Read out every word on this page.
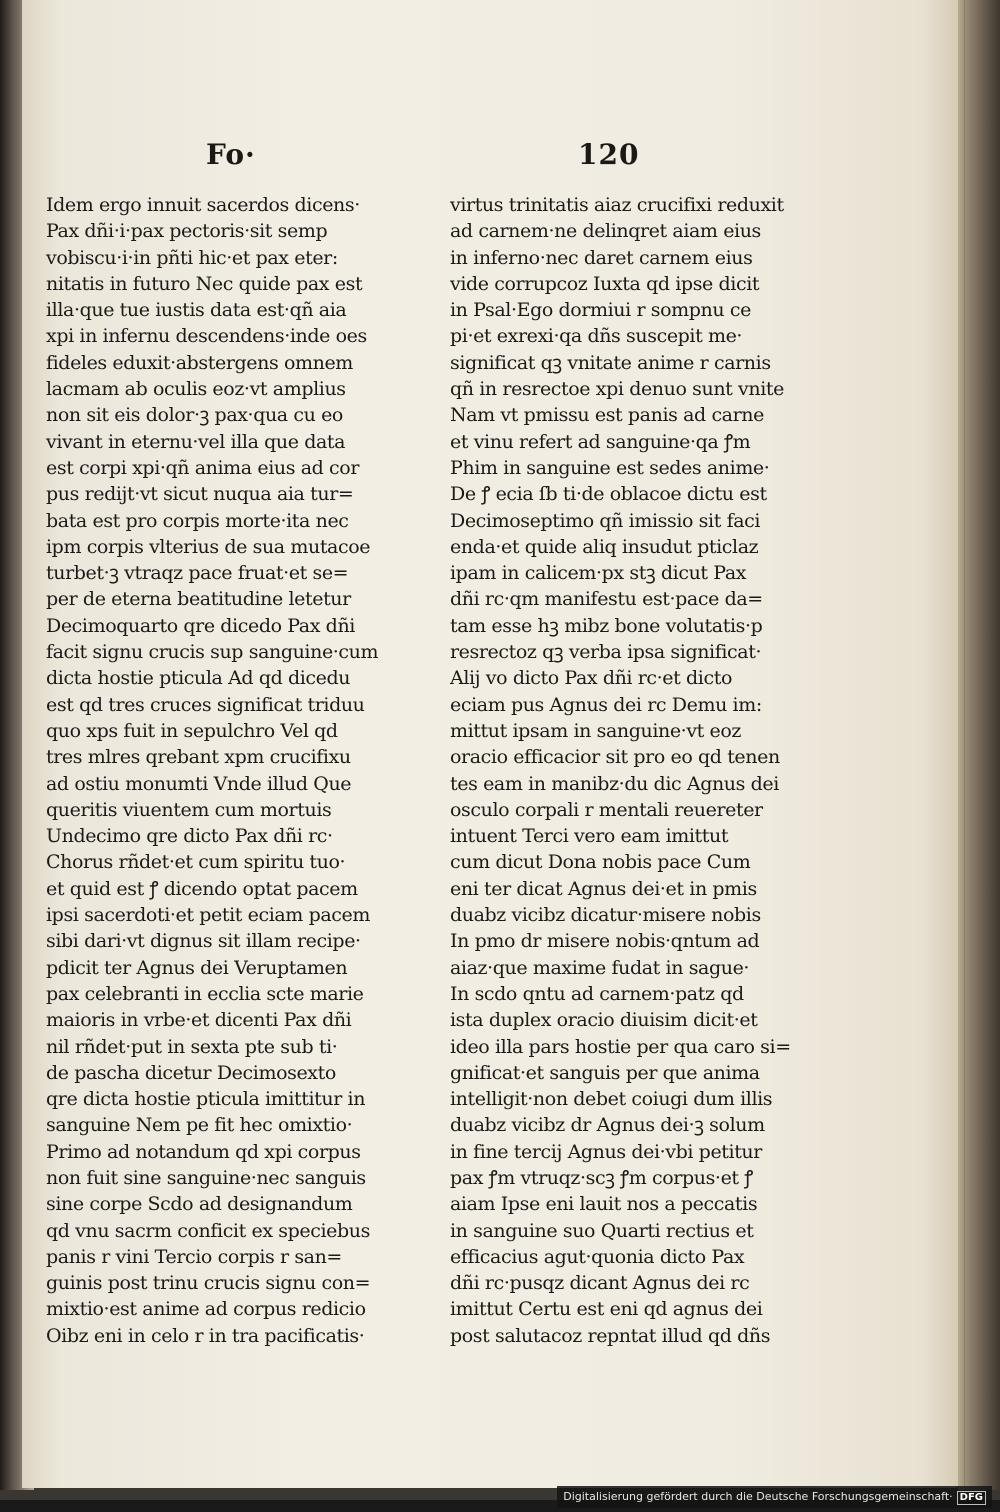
Fo·	120
Idem ergo innuit sacerdos dicens·
Pax dñi·i·pax pectoris·sit semp
vobiscu·i·in pñti hic·et pax eter:
nitatis in futuro Nec quide pax est
illa·que tue iustis data est·qñ aia
xpi in infernu descendens·inde oes
fideles eduxit·abstergens omnem
lacmam ab oculis eoz·vt amplius
non sit eis dolor·ꝫ pax·qua cu eo
vivant in eternu·vel illa que data
est corpi xpi·qñ anima eius ad cor
pus redijt·vt sicut nuqua aia tur=
bata est pro corpis morte·ita nec
ipm corpis vlterius de sua mutacoe
turbet·ꝫ vtraqz pace fruat·et se=
per de eterna beatitudine letetur
Decimoquarto qre dicedo Pax dñi
facit signu crucis sup sanguine·cum
dicta hostie pticula Ad qd dicedu
est qd tres cruces significat triduu
quo xps fuit in sepulchro Vel qd
tres mlres qrebant xpm crucifixu
ad ostiu monumti Vnde illud Que
queritis viuentem cum mortuis
Undecimo qre dicto Pax dñi rc·
Chorus rñdet·et cum spiritu tuo·
et quid est ꝭ dicendo optat pacem
ipsi sacerdoti·et petit eciam pacem
sibi dari·vt dignus sit illam recipe·
pdicit ter Agnus dei Veruptamen
pax celebranti in ecclia scte marie
maioris in vrbe·et dicenti Pax dñi
nil rñdet·put in sexta pte sub ti·
de pascha dicetur Decimosexto
qre dicta hostie pticula imittitur in
sanguine Nem pe fit hec omixtio·
Primo ad notandum qd xpi corpus
non fuit sine sanguine·nec sanguis
sine corpe Scdo ad designandum
qd vnu sacrm conficit ex speciebus
panis r vini Tercio corpis r san=
guinis post trinu crucis signu con=
mixtio·est anime ad corpus redicio
Oibz eni in celo r in tra pacificatis·
virtus trinitatis aiaz crucifixi reduxit
ad carnem·ne delinqret aiam eius
in inferno·nec daret carnem eius
vide corrupcoz Iuxta qd ipse dicit
in Psal·Ego dormiui r sompnu ce
pi·et exrexi·qa dñs suscepit me·
significat qꝫ vnitate anime r carnis
qñ in resrectoe xpi denuo sunt vnite
Nam vt pmissu est panis ad carne
et vinu refert ad sanguine·qa ꝭm
Phim in sanguine est sedes anime·
De ꝭ ecia ſb ti·de oblacoe dictu est
Decimoseptimo qñ imissio sit faci
enda·et quide aliq insudut pticlaz
ipam in calicem·px stꝫ dicut Pax
dñi rc·qm manifestu est·pace da=
tam esse hꝫ mibz bone volutatis·p
resrectoz qꝫ verba ipsa significat·
Alij vo dicto Pax dñi rc·et dicto
eciam pus Agnus dei rc Demu im:
mittut ipsam in sanguine·vt eoz
oracio efficacior sit pro eo qd tenen
tes eam in manibz·du dic Agnus dei
osculo corpali r mentali reuereter
intuent Terci vero eam imittut
cum dicut Dona nobis pace Cum
eni ter dicat Agnus dei·et in pmis
duabz vicibz dicatur·misere nobis
In pmo dr misere nobis·qntum ad
aiaz·que maxime fudat in sague·
In scdo qntu ad carnem·patz qd
ista duplex oracio diuisim dicit·et
ideo illa pars hostie per qua caro si=
gnificat·et sanguis per que anima
intelligit·non debet coiugi dum illis
duabz vicibz dr Agnus dei·ꝫ solum
in fine tercij Agnus dei·vbi petitur
pax ꝭm vtruqz·scꝫ ꝭm corpus·et ꝭ
aiam Ipse eni lauit nos a peccatis
in sanguine suo Quarti rectius et
efficacius agut·quonia dicto Pax
dñi rc·pusqz dicant Agnus dei rc
imittut Certu est eni qd agnus dei
post salutacoz repntat illud qd dñs
Digitalisierung gefördert durch die Deutsche Forschungsgemeinschaft· DFG
